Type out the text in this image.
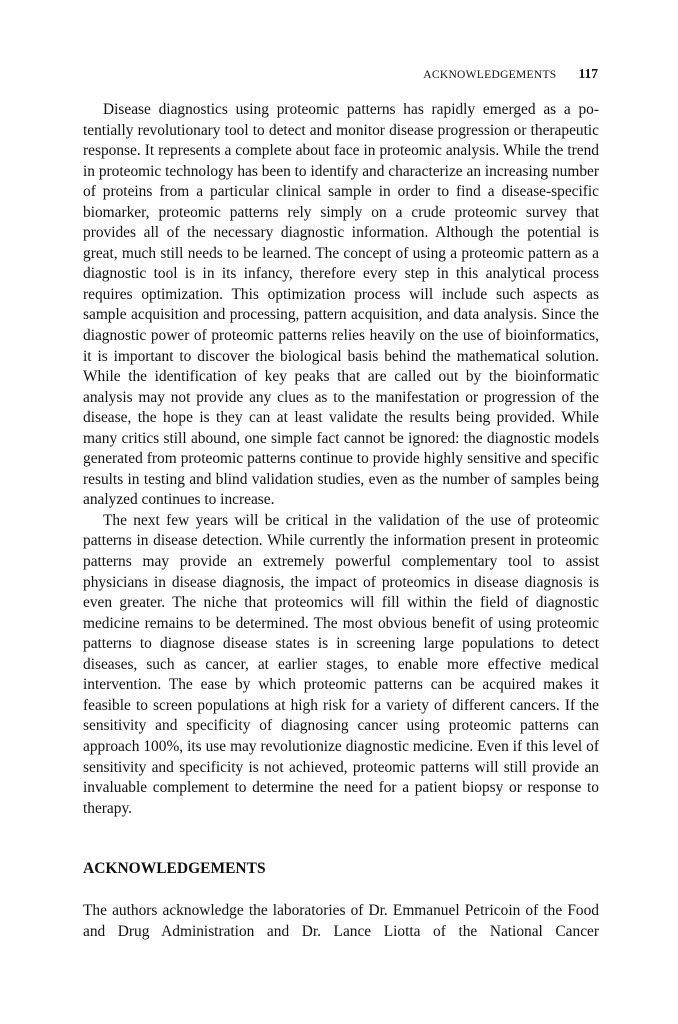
ACKNOWLEDGEMENTS 117

Disease diagnostics using proteomic patterns has rapidly emerged as a potentially revolutionary tool to detect and monitor disease progression or therapeutic response. It represents a complete about face in proteomic analysis. While the trend in proteomic technology has been to identify and characterize an increasing number of proteins from a particular clinical sample in order to find a disease-specific biomarker, proteomic patterns rely simply on a crude proteomic survey that provides all of the necessary diagnostic information. Although the potential is great, much still needs to be learned. The concept of using a proteomic pattern as a diagnostic tool is in its infancy, therefore every step in this analytical process requires optimization. This optimization process will include such aspects as sample acquisition and processing, pattern acquisition, and data analysis. Since the diagnostic power of proteomic patterns relies heavily on the use of bioinformatics, it is important to discover the biological basis behind the mathematical solution. While the identification of key peaks that are called out by the bioinformatic analysis may not provide any clues as to the manifestation or progression of the disease, the hope is they can at least validate the results being provided. While many critics still abound, one simple fact cannot be ignored: the diagnostic models generated from proteomic patterns continue to provide highly sensitive and specific results in testing and blind validation studies, even as the number of samples being analyzed continues to increase.

The next few years will be critical in the validation of the use of proteomic patterns in disease detection. While currently the information present in proteomic patterns may provide an extremely powerful complementary tool to assist physicians in disease diagnosis, the impact of proteomics in disease diagnosis is even greater. The niche that proteomics will fill within the field of diagnostic medicine remains to be determined. The most obvious benefit of using proteomic patterns to diagnose disease states is in screening large populations to detect diseases, such as cancer, at earlier stages, to enable more effective medical intervention. The ease by which proteomic patterns can be acquired makes it feasible to screen populations at high risk for a variety of different cancers. If the sensitivity and specificity of diagnosing cancer using proteomic patterns can approach 100%, its use may revolutionize diagnostic medicine. Even if this level of sensitivity and specificity is not achieved, proteomic patterns will still provide an invaluable complement to determine the need for a patient biopsy or response to therapy.

ACKNOWLEDGEMENTS

The authors acknowledge the laboratories of Dr. Emmanuel Petricoin of the Food and Drug Administration and Dr. Lance Liotta of the National Cancer
